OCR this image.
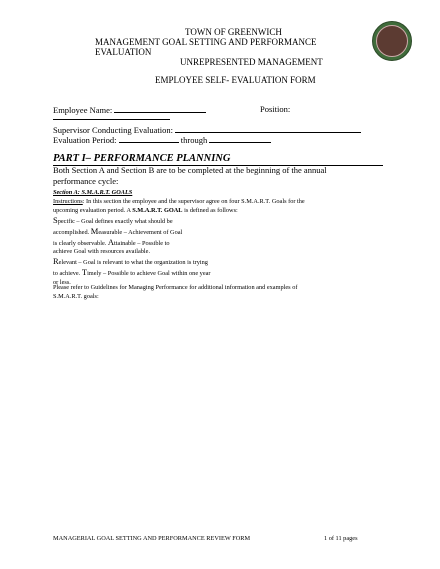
TOWN OF GREENWICH
MANAGEMENT GOAL SETTING AND PERFORMANCE
EVALUATION
UNREPRESENTED MANAGEMENT
EMPLOYEE SELF- EVALUATION FORM
Employee Name:	Position:
Supervisor Conducting Evaluation:
Evaluation Period:	through
PART I– PERFORMANCE PLANNING
Both Section A and Section B are to be completed at the beginning of the annual
performance cycle:
Section A: S.M.A.R.T. GOALS
Instructions: In this section the employee and the supervisor agree on four S.M.A.R.T. Goals for the
upcoming evaluation period. A S.M.A.R.T. GOAL is defined as follows:
Specific – Goal defines exactly what should be
accomplished. Measurable – Achievement of Goal
is clearly observable. Attainable – Possible to
achieve Goal with resources available.
Relevant – Goal is relevant to what the organization is trying
to achieve. Timely – Possible to achieve Goal within one year
or less.
Please refer to Guidelines for Managing Performance for additional information and examples of
S.M.A.R.T. goals:
MANAGERIAL GOAL SETTING AND PERFORMANCE REVIEW FORM	1 of 11 pages
